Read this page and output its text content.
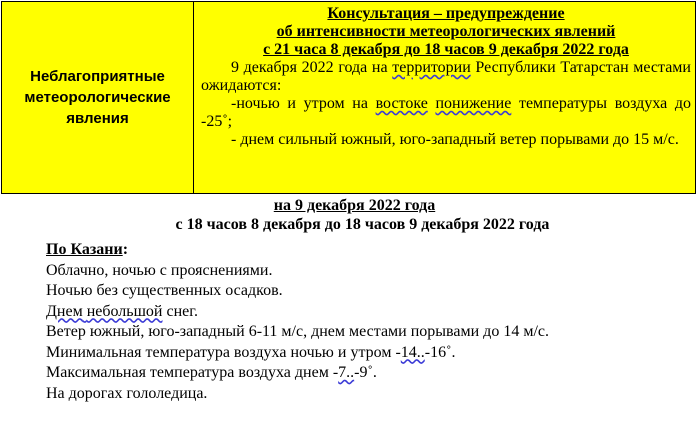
Неблагоприятные метеорологические явления
Консультация – предупреждение
об интенсивности метеорологических явлений
с 21 часа 8 декабря до 18 часов 9 декабря 2022 года
9 декабря 2022 года на территории Республики Татарстан местами ожидаются:
-ночью и утром на востоке понижение температуры воздуха до -25˚;
- днем сильный южный, юго-западный ветер порывами до 15 м/с.
на 9 декабря 2022 года
с 18 часов 8 декабря до 18 часов 9 декабря 2022 года
По Казани:
Облачно, ночью с прояснениями.
Ночью без существенных осадков.
Днем небольшой снег.
Ветер южный, юго-западный 6-11 м/с, днем местами порывами до 14 м/с.
Минимальная температура воздуха ночью и утром -14..-16˚.
Максимальная температура воздуха днем -7..-9˚.
На дорогах гололедица.
